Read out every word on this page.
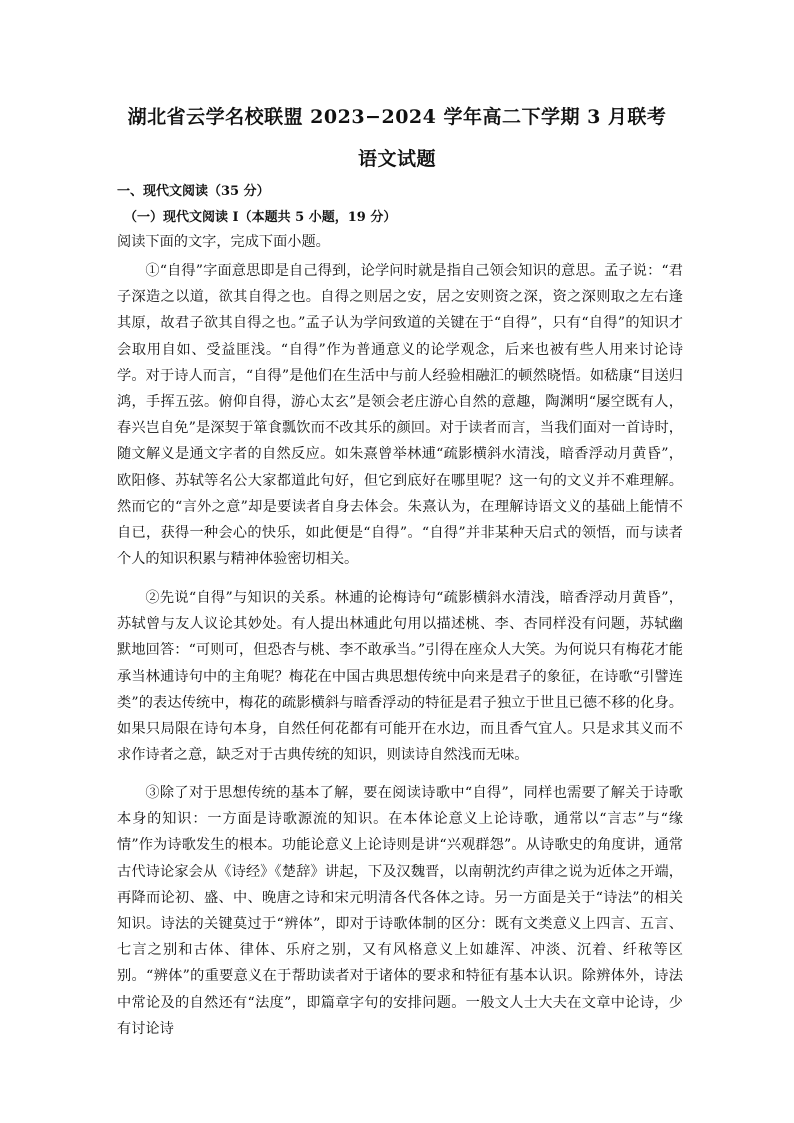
湖北省云学名校联盟 2023−2024 学年高二下学期 3 月联考
语文试题
一、现代文阅读（35 分）
（一）现代文阅读 I（本题共 5 小题，19 分）
阅读下面的文字，完成下面小题。

①“自得”字面意思即是自己得到，论学问时就是指自己领会知识的意思。孟子说：“君子深造之以道，欲其自得之也。自得之则居之安，居之安则资之深，资之深则取之左右逢其原，故君子欲其自得之也。”孟子认为学问致道的关键在于“自得”，只有“自得”的知识才会取用自如、受益匪浅。“自得”作为普通意义的论学观念，后来也被有些人用来讨论诗学。对于诗人而言，“自得”是他们在生活中与前人经验相融汇的顿然晓悟。如嵇康“目送归鸿，手挥五弦。俯仰自得，游心太玄”是领会老庄游心自然的意趣，陶渊明“屡空既有人，春兴岂自免”是深契于箪食瓢饮而不改其乐的颜回。对于读者而言，当我们面对一首诗时，随文解义是通文字者的自然反应。如朱熹曾举林逋“疏影横斜水清浅，暗香浮动月黄昏”，欧阳修、苏轼等名公大家都道此句好，但它到底好在哪里呢？这一句的文义并不难理解。然而它的“言外之意”却是要读者自身去体会。朱熹认为，在理解诗语文义的基础上能情不自已，获得一种会心的快乐，如此便是“自得”。“自得”并非某种天启式的领悟，而与读者个人的知识积累与精神体验密切相关。

②先说“自得”与知识的关系。林逋的论梅诗句“疏影横斜水清浅，暗香浮动月黄昏”，苏轼曾与友人议论其妙处。有人提出林逋此句用以描述桃、李、杏同样没有问题，苏轼幽默地回答：“可则可，但恐杏与桃、李不敢承当。”引得在座众人大笑。为何说只有梅花才能承当林逋诗句中的主角呢？梅花在中国古典思想传统中向来是君子的象征，在诗歌“引譬连类”的表达传统中，梅花的疏影横斜与暗香浮动的特征是君子独立于世且已德不移的化身。如果只局限在诗句本身，自然任何花都有可能开在水边，而且香气宜人。只是求其义而不求作诗者之意，缺乏对于古典传统的知识，则读诗自然浅而无味。

③除了对于思想传统的基本了解，要在阅读诗歌中“自得”，同样也需要了解关于诗歌本身的知识：一方面是诗歌源流的知识。在本体论意义上论诗歌，通常以“言志”与“缘情”作为诗歌发生的根本。功能论意义上论诗则是讲“兴观群怨”。从诗歌史的角度讲，通常古代诗论家会从《诗经》《楚辞》讲起，下及汉魏晋，以南朝沈约声律之说为近体之开端，再降而论初、盛、中、晚唐之诗和宋元明清各代各体之诗。另一方面是关于“诗法”的相关知识。诗法的关键莫过于“辨体”，即对于诗歌体制的区分：既有文类意义上四言、五言、七言之别和古体、律体、乐府之别，又有风格意义上如雄浑、冲淡、沉着、纤秾等区别。“辨体”的重要意义在于帮助读者对于诸体的要求和特征有基本认识。除辨体外，诗法中常论及的自然还有“法度”，即篇章字句的安排问题。一般文人士大夫在文章中论诗，少有讨论诗
